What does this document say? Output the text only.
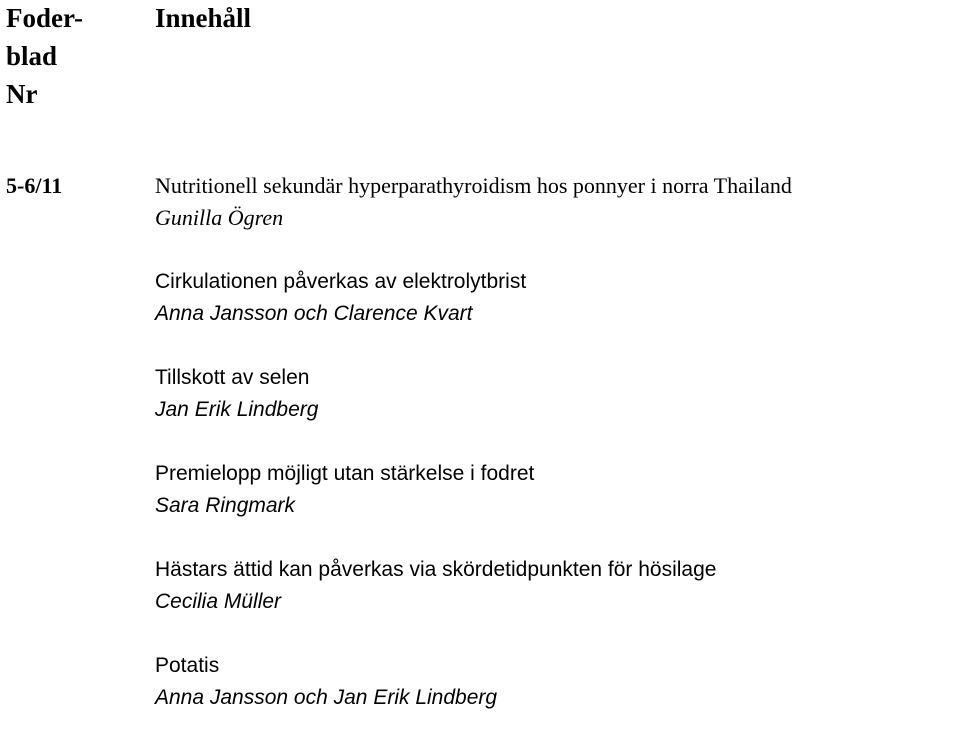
Foder-
blad
Nr
Innehåll
5-6/11	Nutritionell sekundär hyperparathyroidism hos ponnyer i norra Thailand
Gunilla Ögren
Cirkulationen påverkas av elektrolytbrist
Anna Jansson och Clarence Kvart
Tillskott av selen
Jan Erik Lindberg
Premielopp möjligt utan stärkelse i fodret
Sara Ringmark
Hästars ättid kan påverkas via skördetidpunkten för hösilage
Cecilia Müller
Potatis
Anna Jansson och Jan Erik Lindberg
